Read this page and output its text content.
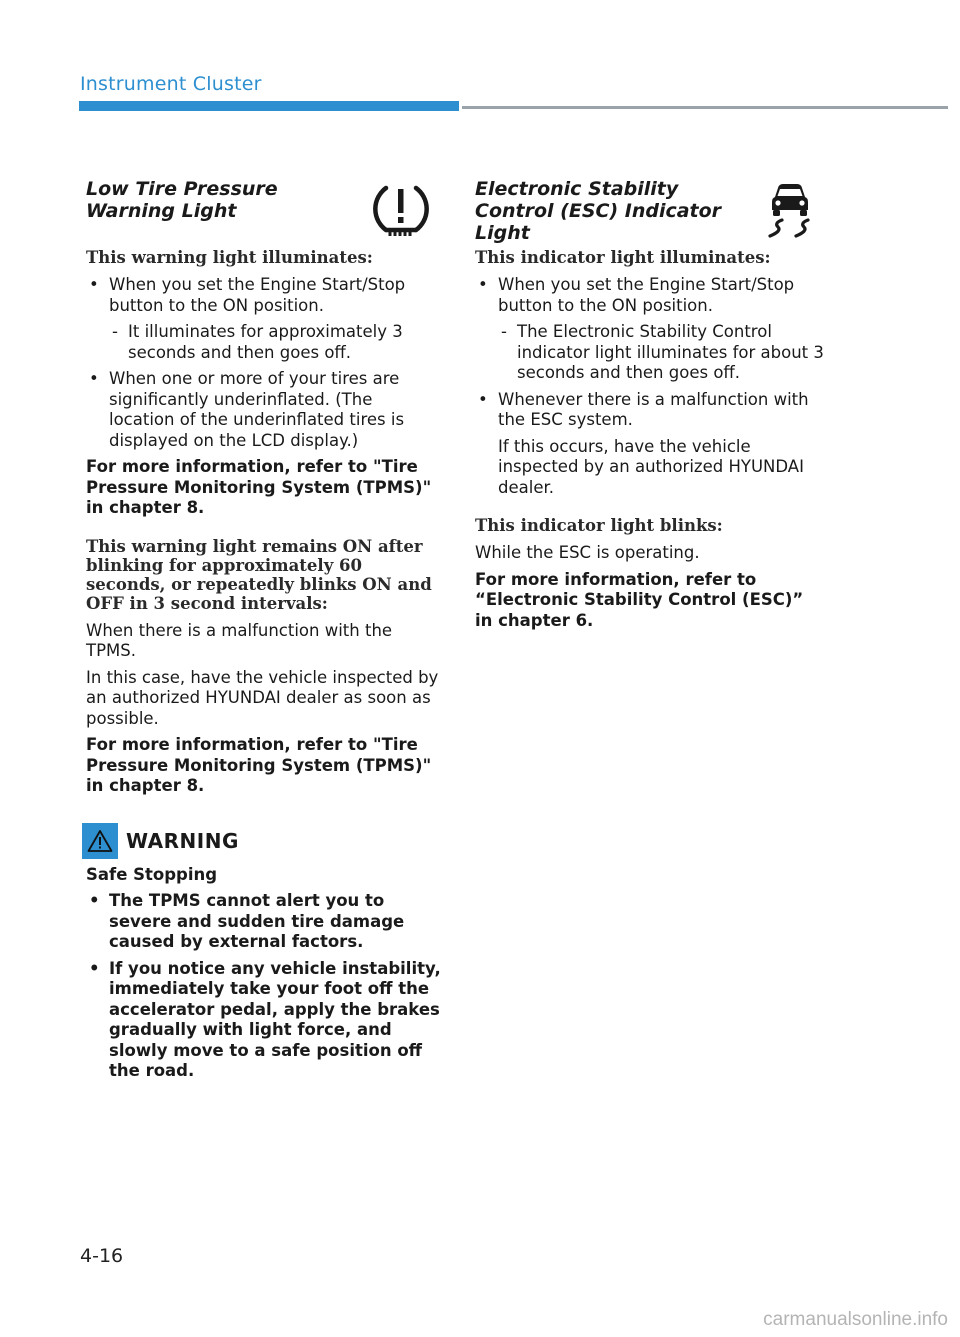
Instrument Cluster
Low Tire Pressure Warning Light
This warning light illuminates:
• When you set the Engine Start/Stop button to the ON position.
- It illuminates for approximately 3 seconds and then goes off.
• When one or more of your tires are significantly underinflated. (The location of the underinflated tires is displayed on the LCD display.)
For more information, refer to "Tire Pressure Monitoring System (TPMS)" in chapter 8.
This warning light remains ON after blinking for approximately 60 seconds, or repeatedly blinks ON and OFF in 3 second intervals:
When there is a malfunction with the TPMS.
In this case, have the vehicle inspected by an authorized HYUNDAI dealer as soon as possible.
For more information, refer to "Tire Pressure Monitoring System (TPMS)" in chapter 8.
WARNING
Safe Stopping
• The TPMS cannot alert you to severe and sudden tire damage caused by external factors.
• If you notice any vehicle instability, immediately take your foot off the accelerator pedal, apply the brakes gradually with light force, and slowly move to a safe position off the road.
Electronic Stability Control (ESC) Indicator Light
This indicator light illuminates:
• When you set the Engine Start/Stop button to the ON position.
- The Electronic Stability Control indicator light illuminates for about 3 seconds and then goes off.
• Whenever there is a malfunction with the ESC system.
If this occurs, have the vehicle inspected by an authorized HYUNDAI dealer.
This indicator light blinks:
While the ESC is operating.
For more information, refer to “Electronic Stability Control (ESC)” in chapter 6.
4-16
carmanualsonline.info
